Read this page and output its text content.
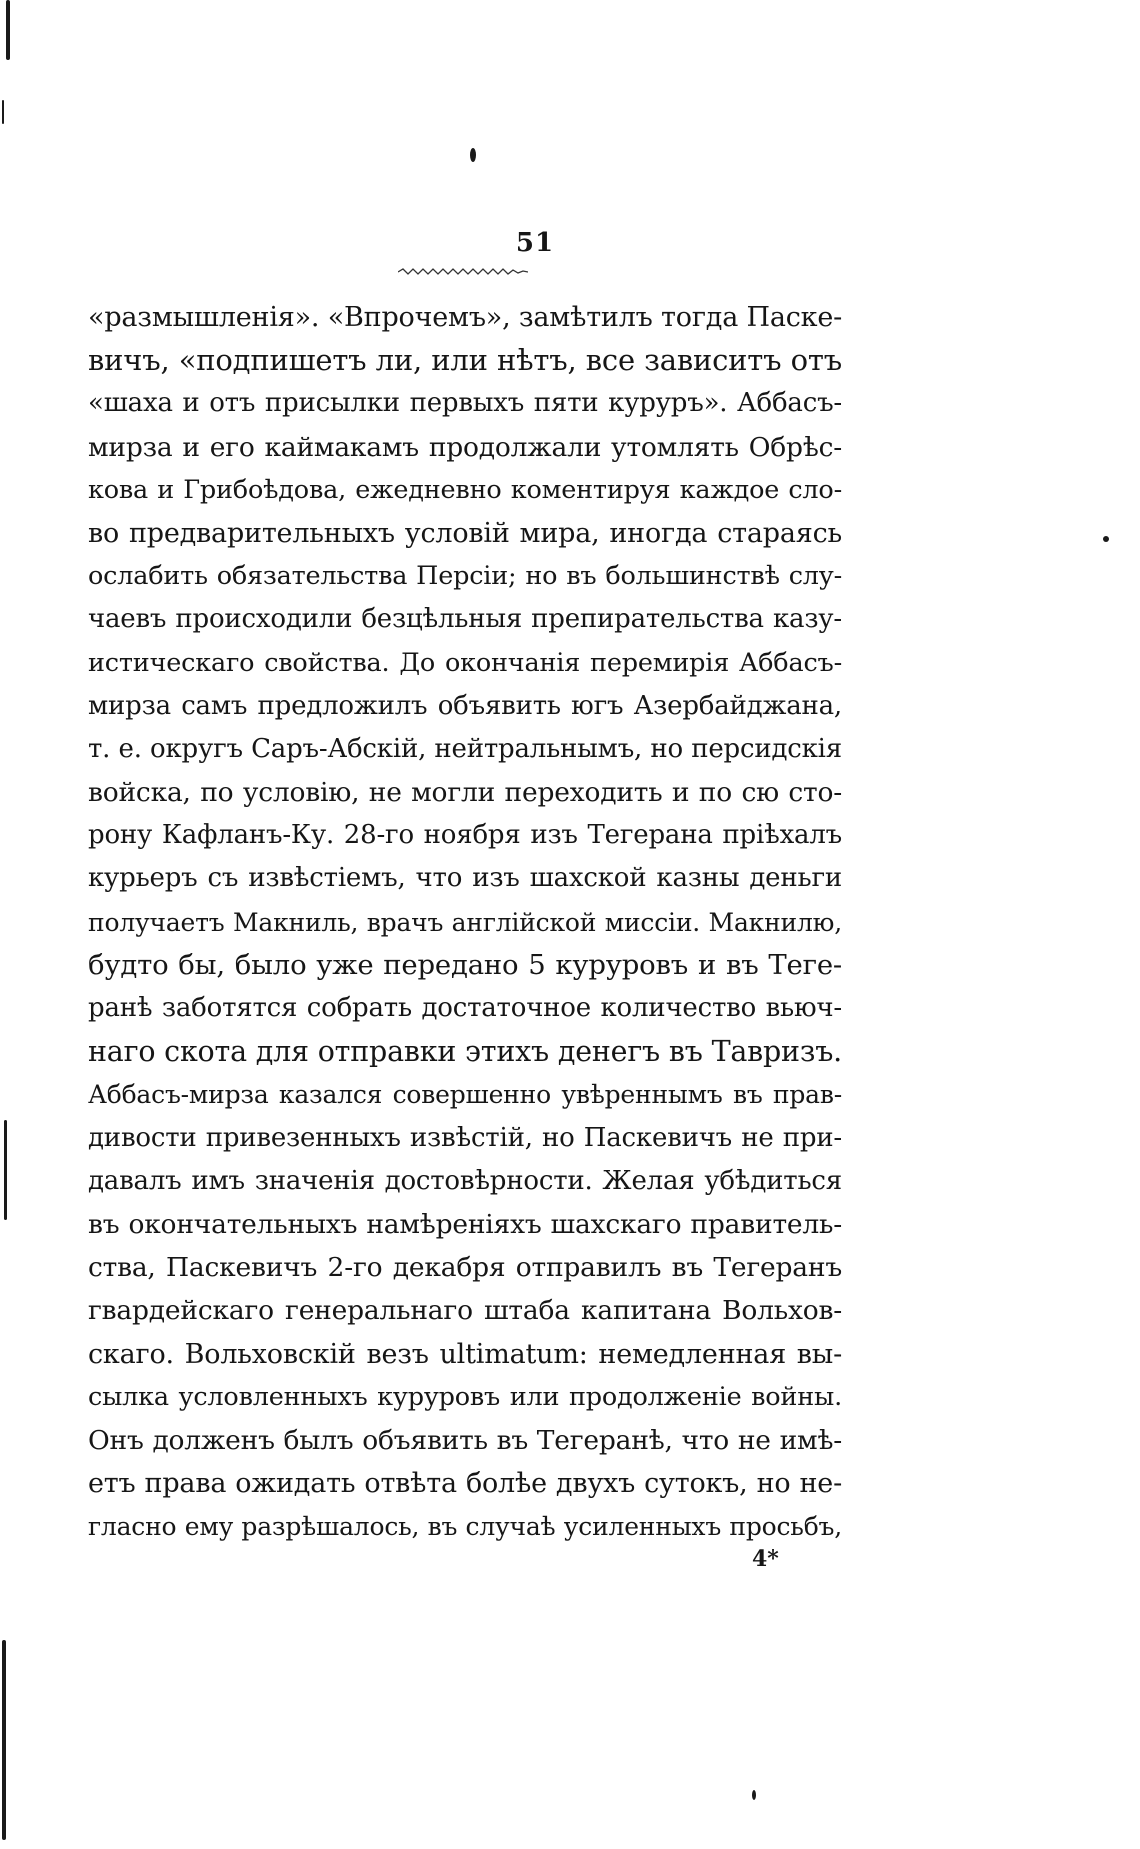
51
«размышленія». «Впрочемъ», замѣтилъ тогда Паске-
вичъ, «подпишетъ ли, или нѣтъ, все зависитъ отъ
«шаха и отъ присылки первыхъ пяти куруръ». Аббасъ-
мирза и его каймакамъ продолжали утомлять Обрѣс-
кова и Грибоѣдова, ежедневно коментируя каждое сло-
во предварительныхъ условій мира, иногда стараясь
ослабить обязательства Персіи; но въ большинствѣ слу-
чаевъ происходили безцѣльныя препирательства казу-
истическаго свойства. До окончанія перемирія Аббасъ-
мирза самъ предложилъ объявить югъ Азербайджана,
т. е. округъ Саръ-Абскій, нейтральнымъ, но персидскія
войска, по условію, не могли переходить и по сю сто-
рону Кафланъ-Ку. 28-го ноября изъ Тегерана пріѣхалъ
курьеръ съ извѣстіемъ, что изъ шахской казны деньги
получаетъ Макниль, врачъ англійской миссіи. Макнилю,
будто бы, было уже передано 5 куруровъ и въ Теге-
ранѣ заботятся собрать достаточное количество вьюч-
наго скота для отправки этихъ денегъ въ Тавризъ.
Аббасъ-мирза казался совершенно увѣреннымъ въ прав-
дивости привезенныхъ извѣстій, но Паскевичъ не при-
давалъ имъ значенія достовѣрности. Желая убѣдиться
въ окончательныхъ намѣреніяхъ шахскаго правитель-
ства, Паскевичъ 2-го декабря отправилъ въ Тегеранъ
гвардейскаго генеральнаго штаба капитана Вольхов-
скаго. Вольховскій везъ ultimatum: немедленная вы-
сылка условленныхъ куруровъ или продолженіе войны.
Онъ долженъ былъ объявить въ Тегеранѣ, что не имѣ-
етъ права ожидать отвѣта болѣе двухъ сутокъ, но не-
гласно ему разрѣшалось, въ случаѣ усиленныхъ просьбъ,
4*
